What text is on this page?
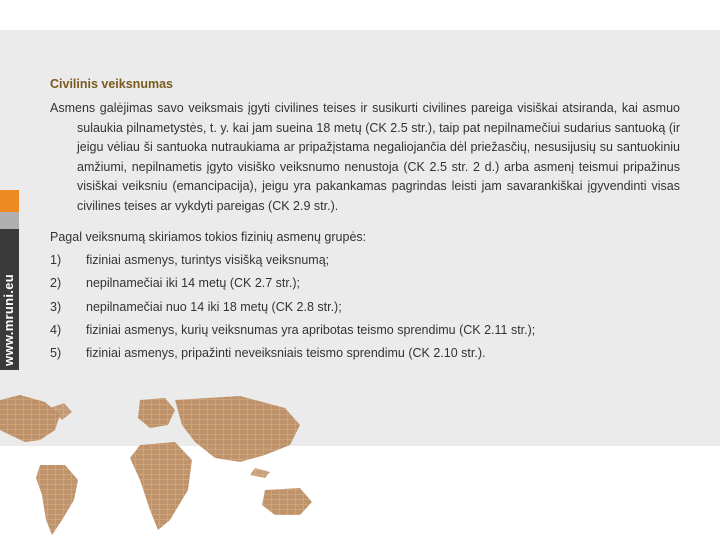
www.mruni.eu
Civilinis veiksnumas

Asmens galėjimas savo veiksmais įgyti civilines teises ir susikurti civilines pareiga visiškai atsiranda, kai asmuo sulaukia pilnametystės, t. y. kai jam sueina 18 metų (CK 2.5 str.), taip pat nepilnamečiui sudarius santuoką (ir jeigu vėliau ši santuoka nutraukiama ar pripažįstama negaliojančia dėl priežasčių, nesusijusių su santuokiniu amžiumi, nepilnametis įgyto visiško veiksnumo nenustoja (CK 2.5 str. 2 d.) arba asmenį teismui pripažinus visiškai veiksniu (emancipacija), jeigu yra pakankamas pagrindas leisti jam savarankiškai įgyvendinti visas civilines teises ar vykdyti pareigas (CK 2.9 str.).

Pagal veiksnumą skiriamos tokios fizinių asmenų grupės:

1)	fiziniai asmenys, turintys visišką veiksnumą;
2)	nepilnamečiai iki 14 metų (CK 2.7 str.);
3)	nepilnamečiai nuo 14 iki 18 metų (CK 2.8 str.);
4)	fiziniai asmenys, kurių veiksnumas yra apribotas teismo sprendimu (CK 2.11 str.);
5)	fiziniai asmenys, pripažinti neveiksniais teismo sprendimu (CK 2.10 str.).
